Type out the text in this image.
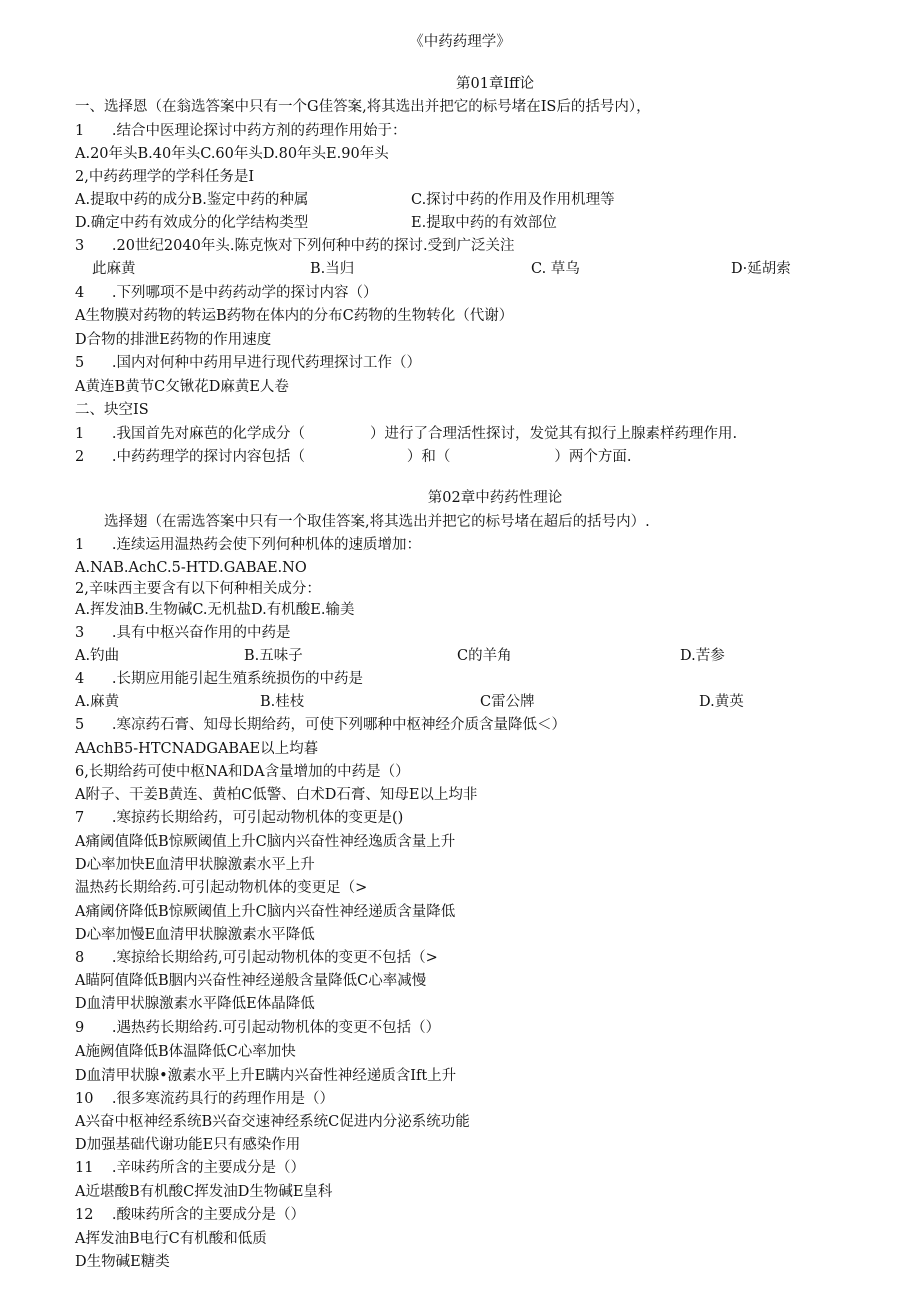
《中药药理学》
第01章Iff论
一、选择恩（在翁选答案中只有一个G佳答案,将其选出并把它的标号堵在IS后的括号内），
1	.结合中医理论探讨中药方剂的药理作用始于：
A.20年头B.40年头C.60年头D.80年头E.90年头
2,中药药理学的学科任务是I
A.提取中药的成分B.鉴定中药的种属	C.探讨中药的作用及作用机理等
D.确定中药有效成分的化学结构类型	E.提取中药的有效部位
3	.20世纪2040年头.陈克恢对下列何种中药的探讨.受到广泛关注
此麻黄	B.当归	C. 草乌	D·延胡索
4	.下列哪项不是中药药动学的探讨内容（）
A生物膜对药物的转运B药物在体内的分布C药物的生物转化（代谢）
D合物的排泄E药物的作用速度
5	.国内对何种中药用早进行现代药理探讨工作（）
A黄连B黄节C攵锹花D麻黄E人卷
二、块空IS
1	.我国首先对麻芭的化学成分（		）进行了合理活性探讨，发觉其有拟行上腺素样药理作用.
2	.中药药理学的探讨内容包括（			）和（			）两个方面.
第02章中药药性理论
选择翅（在需选答案中只有一个取佳答案,将其选出并把它的标号堵在超后的括号内）.
1	.连续运用温热药会使下列何种机体的速质增加：
A.NAB.AchC.5-HTD.GABAE.NO
2,辛味西主要含有以下何种相关成分：
A.挥发油B.生物碱C.无机盐D.有机酸E.输美
3	.具有中枢兴奋作用的中药是
A.钓曲	B.五味子	C的羊角	D.苦参
4	.长期应用能引起生殖系统损伤的中药是
A.麻黄	B.桂枝	C雷公牌	D.黄英
5	.寒凉药石膏、知母长期给药，可使下列哪种中枢神经介质含量降低＜）
AAchB5-HTCNADGABAE以上均暮
6,长期给药可使中枢NA和DA含量增加的中药是（）
A附子、干姜B黄连、黄柏C低警、白术D石膏、知母E以上均非
7	.寒掠药长期给药，可引起动物机体的变更是()
A痛阈值降低B惊厥阈值上升C脑内兴奋性神经逸质含量上升
D心率加快E血清甲状腺激素水平上升
温热药长期给药.可引起动物机体的变更足（>
A痛阈侪降低B惊厥阈值上升C脑内兴奋性神经递质含量降低
D心率加慢E血清甲状腺激素水平降低
8	.寒掠给长期给药,可引起动物机体的变更不包括（>
A瞄阿值降低B胭内兴奋性神经递般含量降低C心率减慢
D血清甲状腺激素水平降低E体晶降低
9	.遇热药长期给药.可引起动物机体的变更不包括（）
A施阙值降低B体温降低C心率加快
D血清甲状腺•激素水平上升E瞒内兴奋性神经递质含Ift上升
10	.很多寒流药具行的药理作用是（）
A兴奋中枢神经系统B兴奋交速神经系统C促进内分泌系统功能
D加强基础代谢功能E只有感染作用
11	.辛味药所含的主要成分是（）
A近堪酸B有机酸C挥发油D生物碱E皇科
12	.酸味药所含的主要成分是（）
A挥发油B电行C有机酸和低质
D生物碱E糖类
